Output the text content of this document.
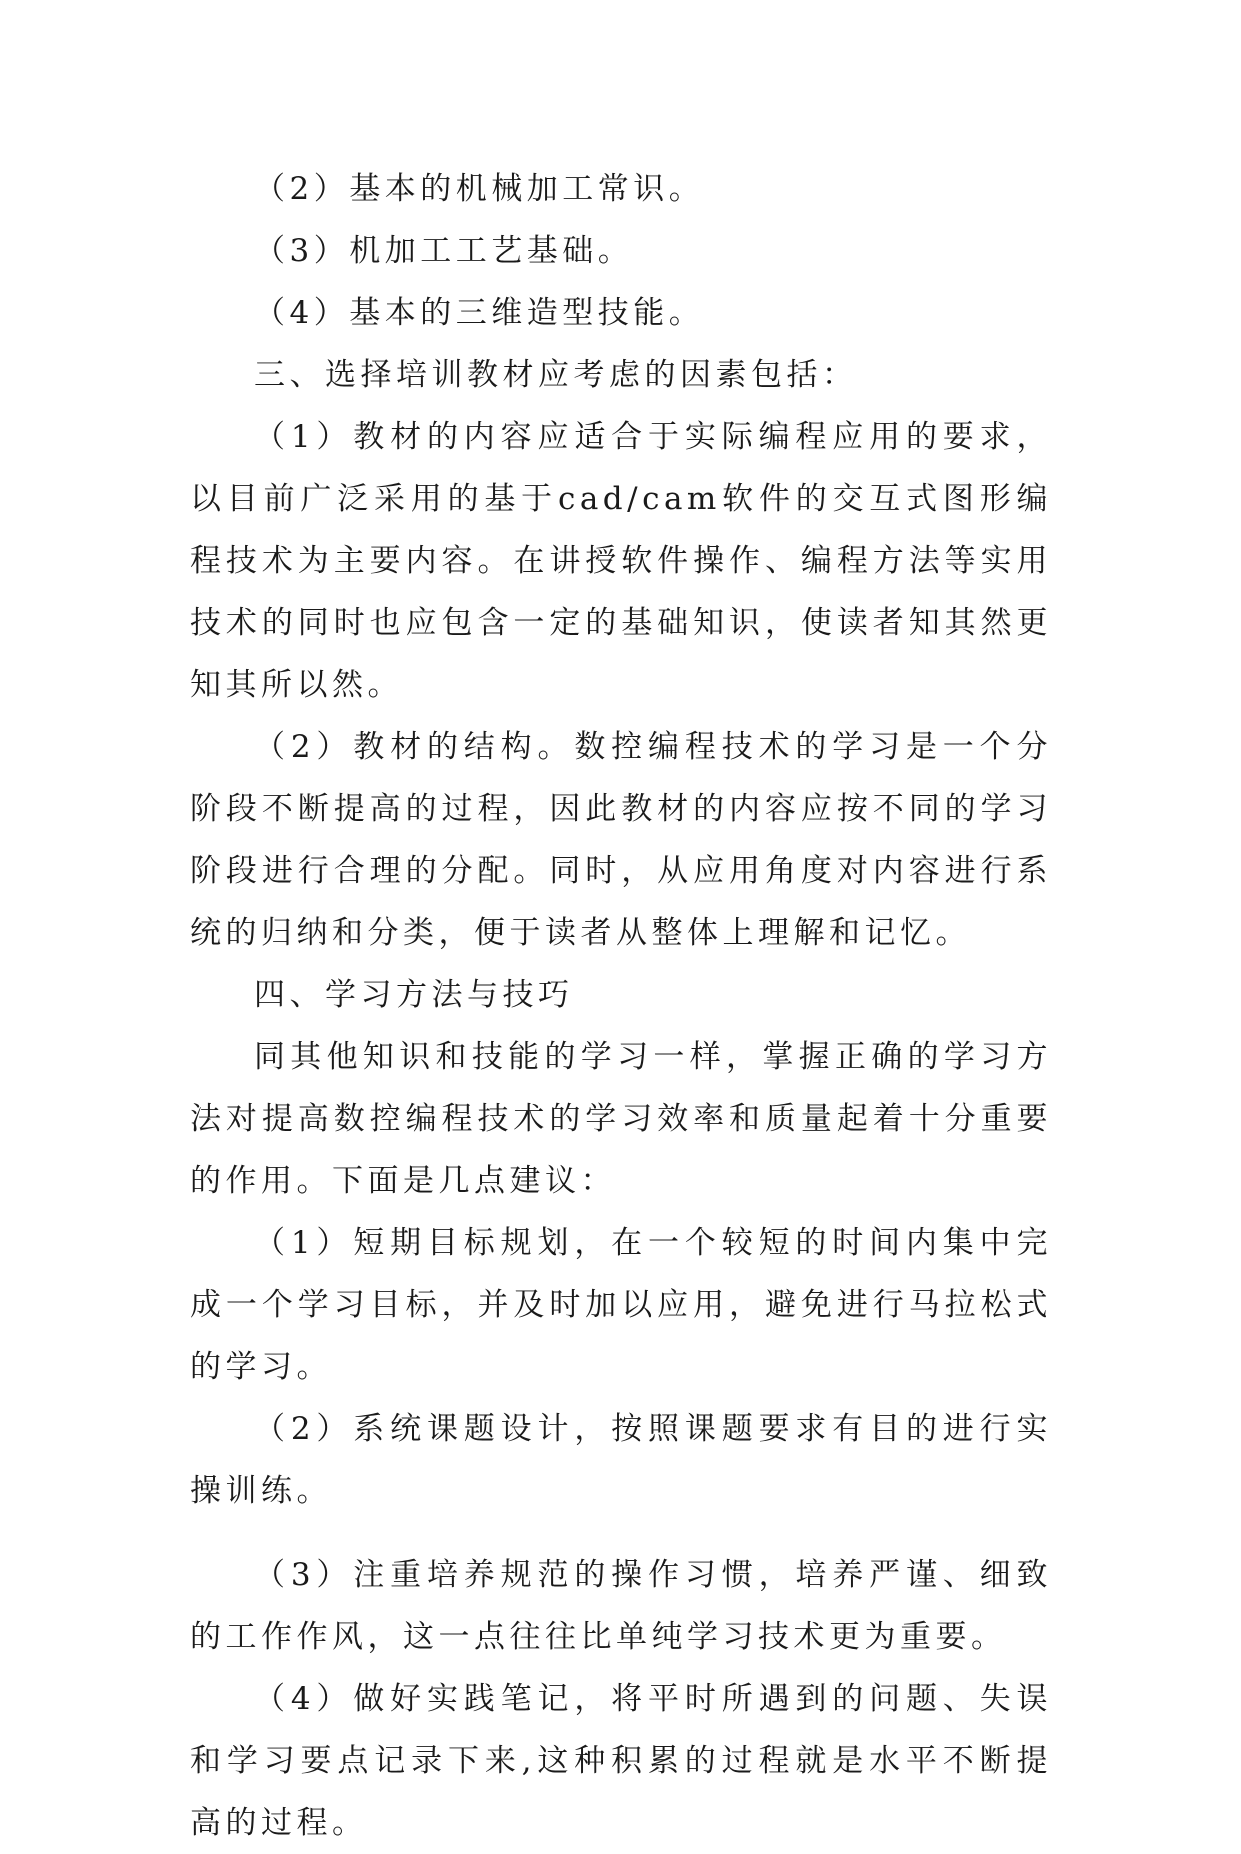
（2）基本的机械加工常识。

（3）机加工工艺基础。

（4）基本的三维造型技能。

三、选择培训教材应考虑的因素包括：

（1）教材的内容应适合于实际编程应用的要求，以目前广泛采用的基于cad/cam软件的交互式图形编程技术为主要内容。在讲授软件操作、编程方法等实用技术的同时也应包含一定的基础知识，使读者知其然更知其所以然。

（2）教材的结构。数控编程技术的学习是一个分阶段不断提高的过程，因此教材的内容应按不同的学习阶段进行合理的分配。同时，从应用角度对内容进行系统的归纳和分类，便于读者从整体上理解和记忆。

四、学习方法与技巧

同其他知识和技能的学习一样，掌握正确的学习方法对提高数控编程技术的学习效率和质量起着十分重要的作用。下面是几点建议：

（1）短期目标规划，在一个较短的时间内集中完成一个学习目标，并及时加以应用，避免进行马拉松式的学习。

（2）系统课题设计，按照课题要求有目的进行实操训练。

（3）注重培养规范的操作习惯，培养严谨、细致的工作作风，这一点往往比单纯学习技术更为重要。

（4）做好实践笔记，将平时所遇到的问题、失误和学习要点记录下来,这种积累的过程就是水平不断提高的过程。
